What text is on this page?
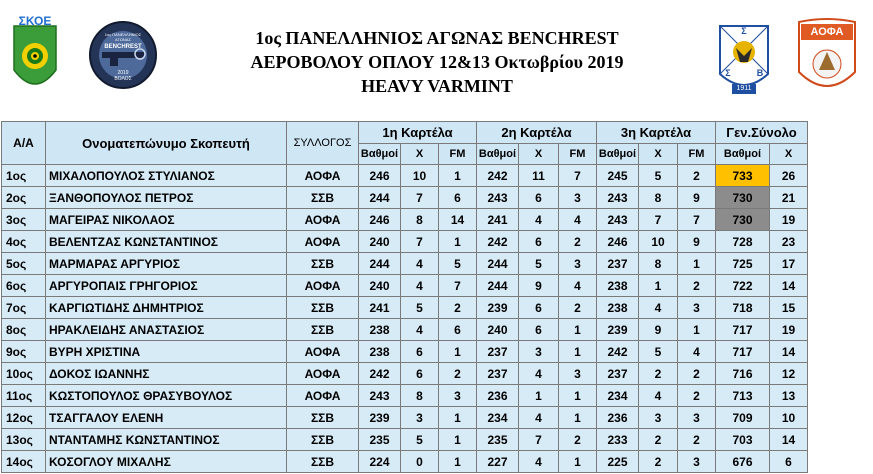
ΣΚΟΕ
1ος ΠΑΝΕΛΛΗΝΙΟΣ ΑΓΩΝΑΣ
BENCHREST
2019
ΒΟΛΟΣ
1ος ΠΑΝΕΛΛΗΝΙΟΣ ΑΓΩΝΑΣ BENCHREST
ΑΕΡΟΒΟΛΟΥ ΟΠΛΟΥ 12&13 Οκτωβρίου 2019
HEAVY VARMINT
Σ
Σ	Β
1911
ΑΟΦΑ
Α/Α	Ονοματεπώνυμο Σκοπευτή	ΣΥΛΛΟΓΟΣ	1η Καρτέλα			2η Καρτέλα			3η Καρτέλα			Γεν.Σύνολο	
			Βαθμοί	Χ	FM	Βαθμοί	Χ	FM	Βαθμοί	Χ	FM	Βαθμοί	Χ
1ος	ΜΙΧΑΛΟΠΟΥΛΟΣ ΣΤΥΛΙΑΝΟΣ	ΑΟΦΑ	246	10	1	242	11	7	245	5	2	733	26
2ος	ΞΑΝΘΟΠΟΥΛΟΣ ΠΕΤΡΟΣ	ΣΣΒ	244	7	6	243	6	3	243	8	9	730	21
3ος	ΜΑΓΕΙΡΑΣ ΝΙΚΟΛΑΟΣ	ΑΟΦΑ	246	8	14	241	4	4	243	7	7	730	19
4ος	ΒΕΛΕΝΤΖΑΣ ΚΩΝΣΤΑΝΤΙΝΟΣ	ΑΟΦΑ	240	7	1	242	6	2	246	10	9	728	23
5ος	ΜΑΡΜΑΡΑΣ ΑΡΓΥΡΙΟΣ	ΣΣΒ	244	4	5	244	5	3	237	8	1	725	17
6ος	ΑΡΓΥΡΟΠΑΙΣ ΓΡΗΓΟΡΙΟΣ	ΑΟΦΑ	240	4	7	244	9	4	238	1	2	722	14
7ος	ΚΑΡΓΙΩΤΙΔΗΣ ΔΗΜΗΤΡΙΟΣ	ΣΣΒ	241	5	2	239	6	2	238	4	3	718	15
8ος	ΗΡΑΚΛΕΙΔΗΣ ΑΝΑΣΤΑΣΙΟΣ	ΣΣΒ	238	4	6	240	6	1	239	9	1	717	19
9ος	ΒΥΡΗ ΧΡΙΣΤΙΝΑ	ΑΟΦΑ	238	6	1	237	3	1	242	5	4	717	14
10ος	ΔΟΚΟΣ ΙΩΑΝΝΗΣ	ΑΟΦΑ	242	6	2	237	4	3	237	2	2	716	12
11ος	ΚΩΣΤΟΠΟΥΛΟΣ ΘΡΑΣΥΒΟΥΛΟΣ	ΑΟΦΑ	243	8	3	236	1	1	234	4	2	713	13
12ος	ΤΣΑΓΓΑΛΟΥ ΕΛΕΝΗ	ΣΣΒ	239	3	1	234	4	1	236	3	3	709	10
13ος	ΝΤΑΝΤΑΜΗΣ ΚΩΝΣΤΑΝΤΙΝΟΣ	ΣΣΒ	235	5	1	235	7	2	233	2	2	703	14
14ος	ΚΟΣΟΓΛΟΥ ΜΙΧΑΛΗΣ	ΣΣΒ	224	0	1	227	4	1	225	2	3	676	6
